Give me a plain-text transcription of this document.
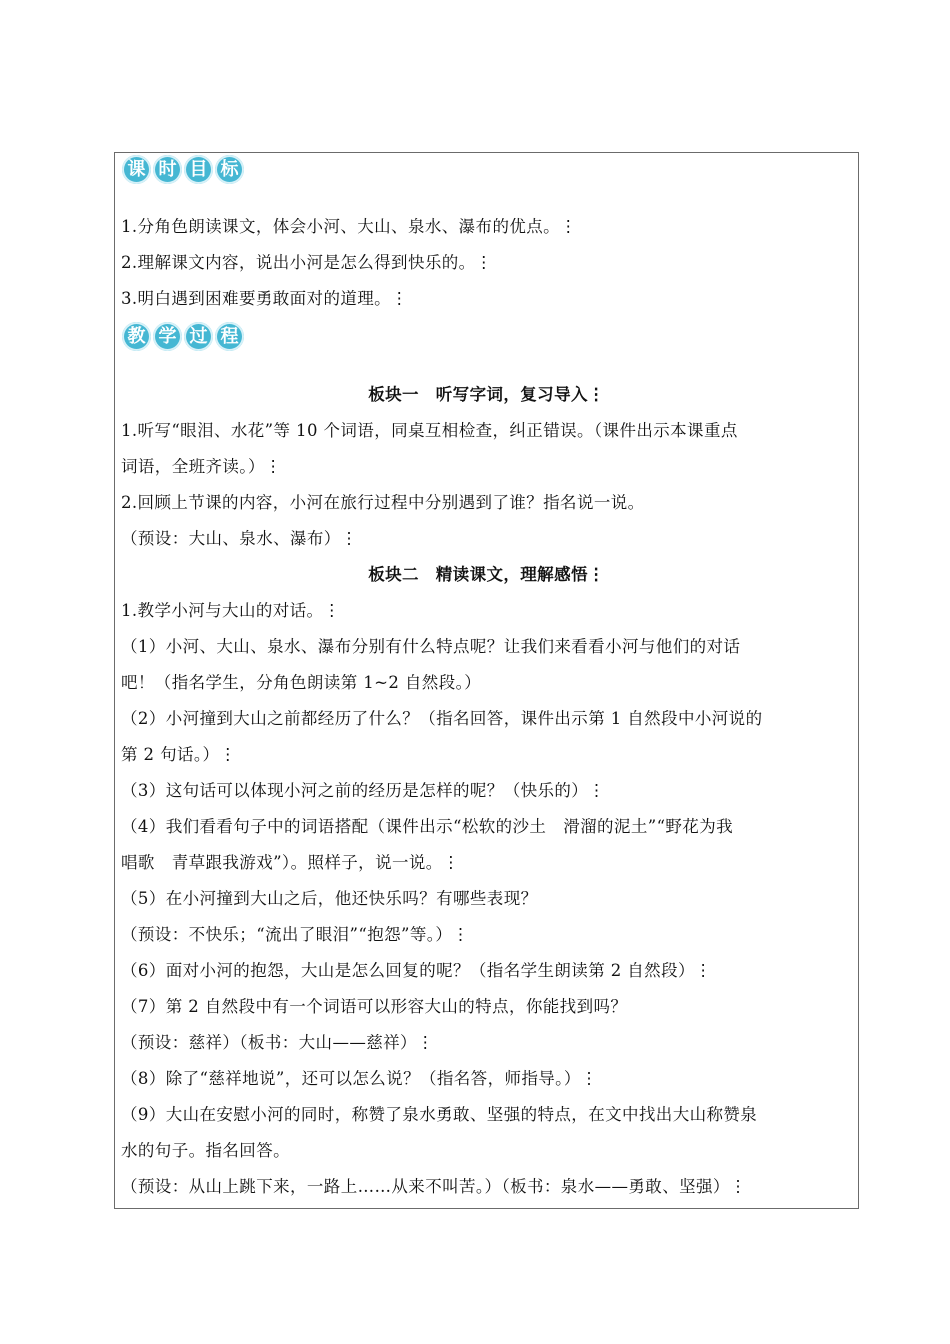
课 时 目 标
1.分角色朗读课文，体会小河、大山、泉水、瀑布的优点。⋮
2.理解课文内容，说出小河是怎么得到快乐的。⋮
3.明白遇到困难要勇敢面对的道理。⋮
教 学 过 程
板块一　听写字词，复习导入⋮
1.听写“眼泪、水花”等 10 个词语，同桌互相检查，纠正错误。（课件出示本课重点
词语，全班齐读。）⋮
2.回顾上节课的内容，小河在旅行过程中分别遇到了谁？指名说一说。
（预设：大山、泉水、瀑布）⋮
板块二　精读课文，理解感悟⋮
1.教学小河与大山的对话。⋮
（1）小河、大山、泉水、瀑布分别有什么特点呢？让我们来看看小河与他们的对话
吧！（指名学生，分角色朗读第 1~2 自然段。）
（2）小河撞到大山之前都经历了什么？（指名回答，课件出示第 1 自然段中小河说的
第 2 句话。）⋮
（3）这句话可以体现小河之前的经历是怎样的呢？（快乐的）⋮
（4）我们看看句子中的词语搭配（课件出示“松软的沙土　滑溜的泥土”“野花为我
唱歌　青草跟我游戏”）。照样子，说一说。⋮
（5）在小河撞到大山之后，他还快乐吗？有哪些表现？
（预设：不快乐；“流出了眼泪”“抱怨”等。）⋮
（6）面对小河的抱怨，大山是怎么回复的呢？（指名学生朗读第 2 自然段）⋮
（7）第 2 自然段中有一个词语可以形容大山的特点，你能找到吗？
（预设：慈祥）（板书：大山——慈祥）⋮
（8）除了“慈祥地说”，还可以怎么说？（指名答，师指导。）⋮
（9）大山在安慰小河的同时，称赞了泉水勇敢、坚强的特点，在文中找出大山称赞泉
水的句子。指名回答。
（预设：从山上跳下来，一路上……从来不叫苦。）（板书：泉水——勇敢、坚强）⋮
